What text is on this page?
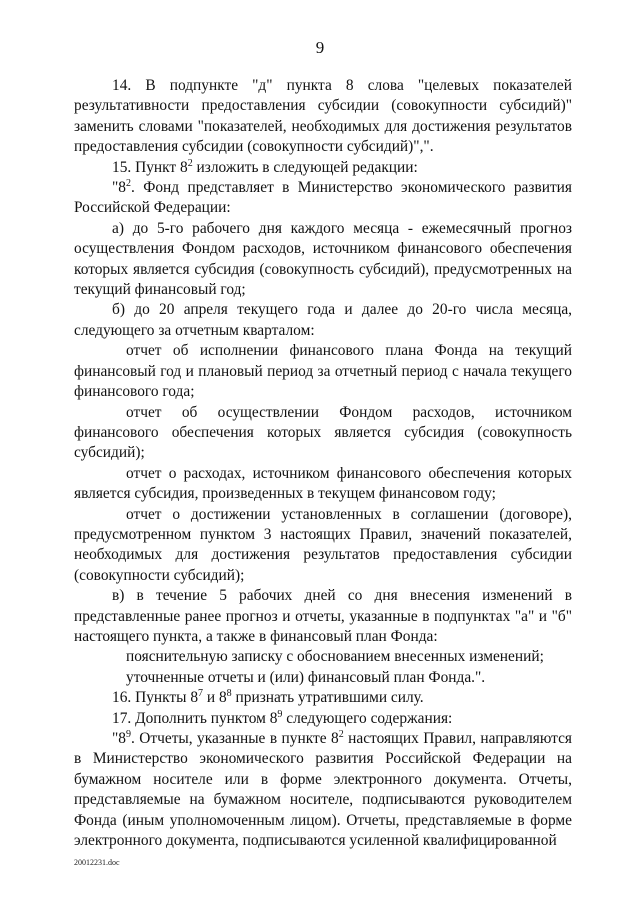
9

14. В подпункте "д" пункта 8 слова "целевых показателей результативности предоставления субсидии (совокупности субсидий)" заменить словами "показателей, необходимых для достижения результатов предоставления субсидии (совокупности субсидий)",".

15. Пункт $8^2$ изложить в следующей редакции:

"$8^2$. Фонд представляет в Министерство экономического развития Российской Федерации:

а) до 5-го рабочего дня каждого месяца - ежемесячный прогноз осуществления Фондом расходов, источником финансового обеспечения которых является субсидия (совокупность субсидий), предусмотренных на текущий финансовый год;

б) до 20 апреля текущего года и далее до 20-го числа месяца, следующего за отчетным кварталом:

отчет об исполнении финансового плана Фонда на текущий финансовый год и плановый период за отчетный период с начала текущего финансового года;

отчет об осуществлении Фондом расходов, источником финансового обеспечения которых является субсидия (совокупность субсидий);

отчет о расходах, источником финансового обеспечения которых является субсидия, произведенных в текущем финансовом году;

отчет о достижении установленных в соглашении (договоре), предусмотренном пунктом 3 настоящих Правил, значений показателей, необходимых для достижения результатов предоставления субсидии (совокупности субсидий);

в) в течение 5 рабочих дней со дня внесения изменений в представленные ранее прогноз и отчеты, указанные в подпунктах "а" и "б" настоящего пункта, а также в финансовый план Фонда:

пояснительную записку с обоснованием внесенных изменений;

уточненные отчеты и (или) финансовый план Фонда.".

16. Пункты $8^7$ и $8^8$ признать утратившими силу.

17. Дополнить пунктом $8^9$ следующего содержания:

"$8^9$. Отчеты, указанные в пункте $8^2$ настоящих Правил, направляются в Министерство экономического развития Российской Федерации на бумажном носителе или в форме электронного документа. Отчеты, представляемые на бумажном носителе, подписываются руководителем Фонда (иным уполномоченным лицом). Отчеты, представляемые в форме электронного документа, подписываются усиленной квалифицированной

20012231.doc
